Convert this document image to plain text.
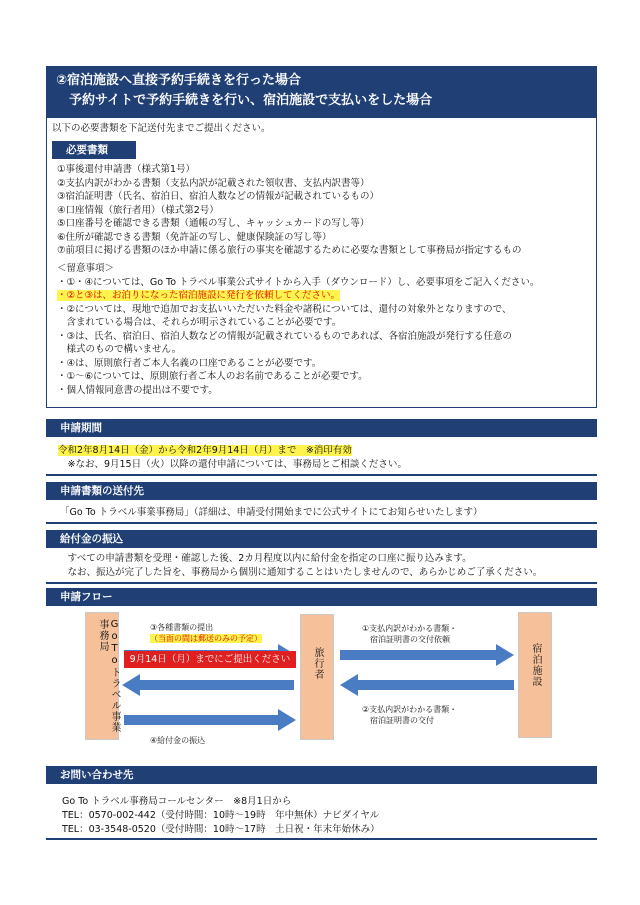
②宿泊施設へ直接予約手続きを行った場合
　予約サイトで予約手続きを行い、宿泊施設で支払いをした場合
以下の必要書類を下記送付先までご提出ください。
必要書類
①事後還付申請書（様式第1号）
②支払内訳がわかる書類（支払内訳が記載された領収書、支払内訳書等）
③宿泊証明書（氏名、宿泊日、宿泊人数などの情報が記載されているもの）
④口座情報（旅行者用）（様式第2号）
⑤口座番号を確認できる書類（通帳の写し、キャッシュカードの写し等）
⑥住所が確認できる書類（免許証の写し、健康保険証の写し等）
⑦前項目に掲げる書類のほか申請に係る旅行の事実を確認するために必要な書類として事務局が指定するもの
＜留意事項＞
・①・④については、Go To トラベル事業公式サイトから入手（ダウンロード）し、必要事項をご記入ください。
・②と③は、お泊りになった宿泊施設に発行を依頼してください。
・②については、現地で追加でお支払いいただいた料金や諸税については、還付の対象外となりますので、
　含まれている場合は、それらが明示されていることが必要です。
・③は、氏名、宿泊日、宿泊人数などの情報が記載されているものであれば、各宿泊施設が発行する任意の
　様式のもので構いません。
・④は、原則旅行者ご本人名義の口座であることが必要です。
・①～⑥については、原則旅行者ご本人のお名前であることが必要です。
・個人情報同意書の提出は不要です。
申請期間
令和2年8月14日（金）から令和2年9月14日（月）まで　※消印有効
　※なお、9月15日（火）以降の還付申請については、事務局とご相談ください。
申請書類の送付先
「Go To トラベル事業事務局」（詳細は、申請受付開始までに公式サイトにてお知らせいたします）
給付金の振込
　すべての申請書類を受理・確認した後、2カ月程度以内に給付金を指定の口座に振り込みます。
　なお、振込が完了した旨を、事務局から個別に通知することはいたしませんので、あらかじめご了承ください。
申請フロー
GoToトラベル事業事務局
旅行者	宿泊施設
③各種書類の提出
（当面の間は郵送のみの予定）
9月14日（月）までにご提出ください
④給付金の振込
①支払内訳がわかる書類・
宿泊証明書の交付依頼
②支払内訳がわかる書類・
宿泊証明書の交付
お問い合わせ先
Go To トラベル事務局コールセンター　※8月1日から
TEL：0570-002-442（受付時間：10時～19時　年中無休）ナビダイヤル
TEL：03-3548-0520（受付時間：10時～17時　土日祝・年末年始休み）
